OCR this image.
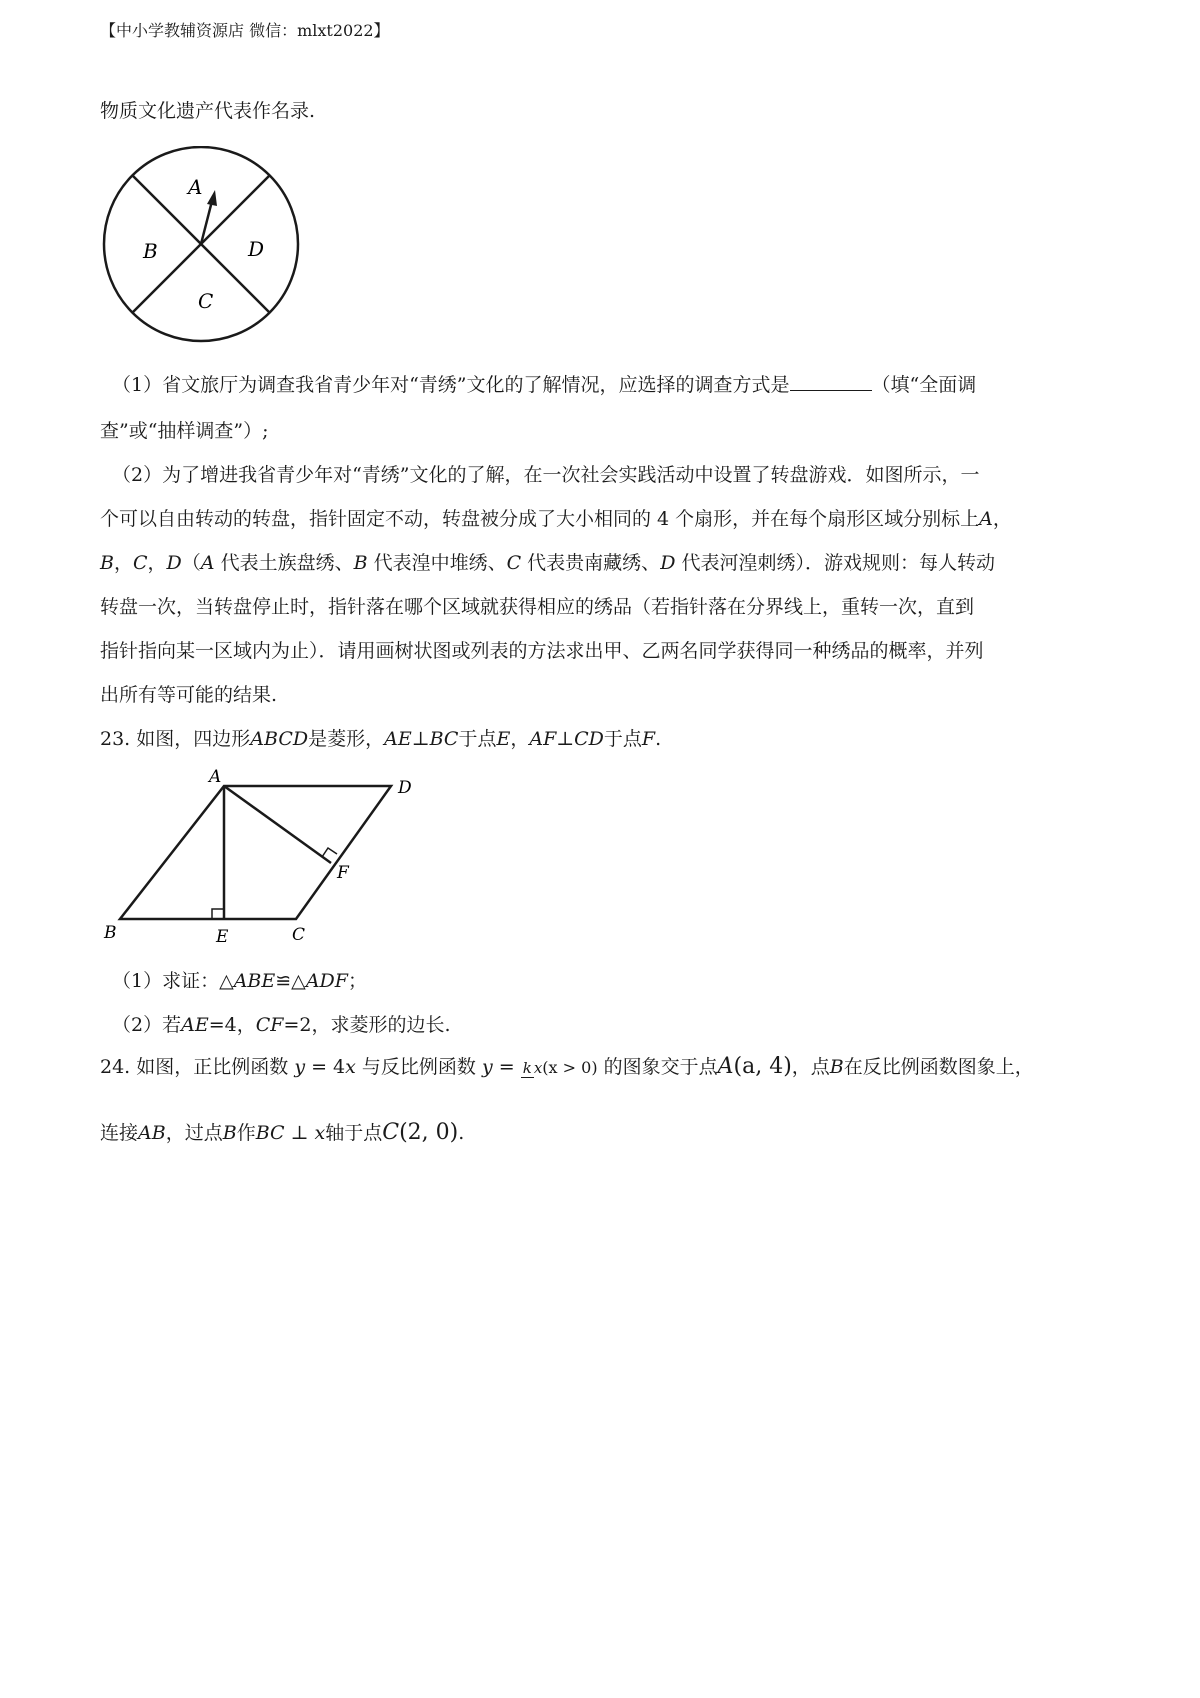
【中小学教辅资源店 微信：mlxt2022】
物质文化遗产代表作名录.
A
B
C
D
（1）省文旅厅为调查我省青少年对“青绣”文化的了解情况，应选择的调查方式是	（填“全面调
查”或“抽样调查”）;
（2）为了增进我省青少年对“青绣”文化的了解，在一次社会实践活动中设置了转盘游戏．如图所示，一
个可以自由转动的转盘，指针固定不动，转盘被分成了大小相同的 4 个扇形，并在每个扇形区域分别标上A，
B，C，D（A 代表土族盘绣、B 代表湟中堆绣、C 代表贵南藏绣、D 代表河湟刺绣）．游戏规则：每人转动
转盘一次，当转盘停止时，指针落在哪个区域就获得相应的绣品（若指针落在分界线上，重转一次，直到
指针指向某一区域内为止）．请用画树状图或列表的方法求出甲、乙两名同学获得同一种绣品的概率，并列
出所有等可能的结果.
23. 如图，四边形ABCD是菱形，AE⊥BC于点E，AF⊥CD于点F.
A
D
F
B	E	C
（1）求证：△ABE≌△ADF；
（2）若AE=4，CF=2，求菱形的边长.
24. 如图，正比例函数 y = 4x 与反比例函数 y = k x(x > 0) 的图象交于点A(a, 4)，点B在反比例函数图象上，
连接AB，过点B作BC ⊥ x轴于点C(2, 0).
